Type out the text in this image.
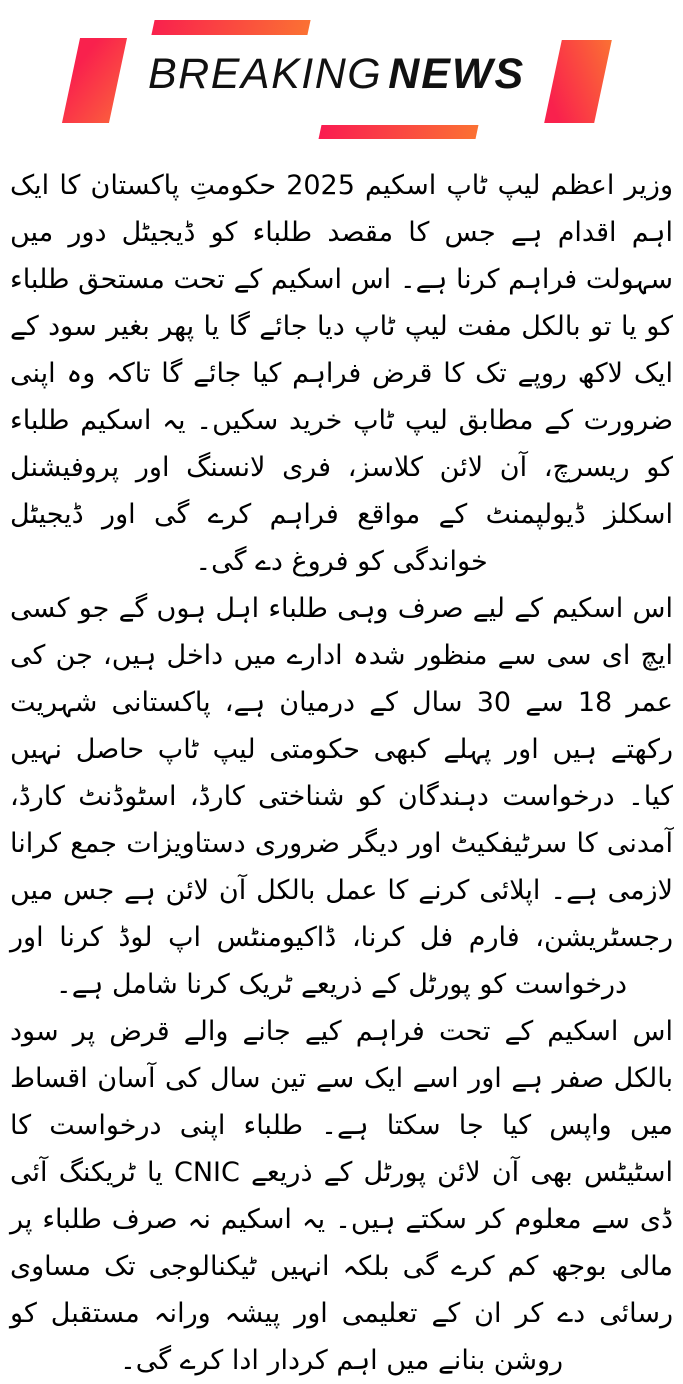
BREAKING NEWS

وزیر اعظم لیپ ٹاپ اسکیم 2025 حکومتِ پاکستان کا ایک اہم اقدام ہے جس کا مقصد طلباء کو ڈیجیٹل دور میں سہولت فراہم کرنا ہے۔ اس اسکیم کے تحت مستحق طلباء کو یا تو بالکل مفت لیپ ٹاپ دیا جائے گا یا پھر بغیر سود کے ایک لاکھ روپے تک کا قرض فراہم کیا جائے گا تاکہ وہ اپنی ضرورت کے مطابق لیپ ٹاپ خرید سکیں۔ یہ اسکیم طلباء کو ریسرچ، آن لائن کلاسز، فری لانسنگ اور پروفیشنل اسکلز ڈیولپمنٹ کے مواقع فراہم کرے گی اور ڈیجیٹل خواندگی کو فروغ دے گی۔

اس اسکیم کے لیے صرف وہی طلباء اہل ہوں گے جو کسی ایچ ای سی سے منظور شدہ ادارے میں داخل ہیں، جن کی عمر 18 سے 30 سال کے درمیان ہے، پاکستانی شہریت رکھتے ہیں اور پہلے کبھی حکومتی لیپ ٹاپ حاصل نہیں کیا۔ درخواست دہندگان کو شناختی کارڈ، اسٹوڈنٹ کارڈ، آمدنی کا سرٹیفکیٹ اور دیگر ضروری دستاویزات جمع کرانا لازمی ہے۔ اپلائی کرنے کا عمل بالکل آن لائن ہے جس میں رجسٹریشن، فارم فل کرنا، ڈاکیومنٹس اپ لوڈ کرنا اور درخواست کو پورٹل کے ذریعے ٹریک کرنا شامل ہے۔

اس اسکیم کے تحت فراہم کیے جانے والے قرض پر سود بالکل صفر ہے اور اسے ایک سے تین سال کی آسان اقساط میں واپس کیا جا سکتا ہے۔ طلباء اپنی درخواست کا اسٹیٹس بھی آن لائن پورٹل کے ذریعے CNIC یا ٹریکنگ آئی ڈی سے معلوم کر سکتے ہیں۔ یہ اسکیم نہ صرف طلباء پر مالی بوجھ کم کرے گی بلکہ انہیں ٹیکنالوجی تک مساوی رسائی دے کر ان کے تعلیمی اور پیشہ ورانہ مستقبل کو روشن بنانے میں اہم کردار ادا کرے گی۔
